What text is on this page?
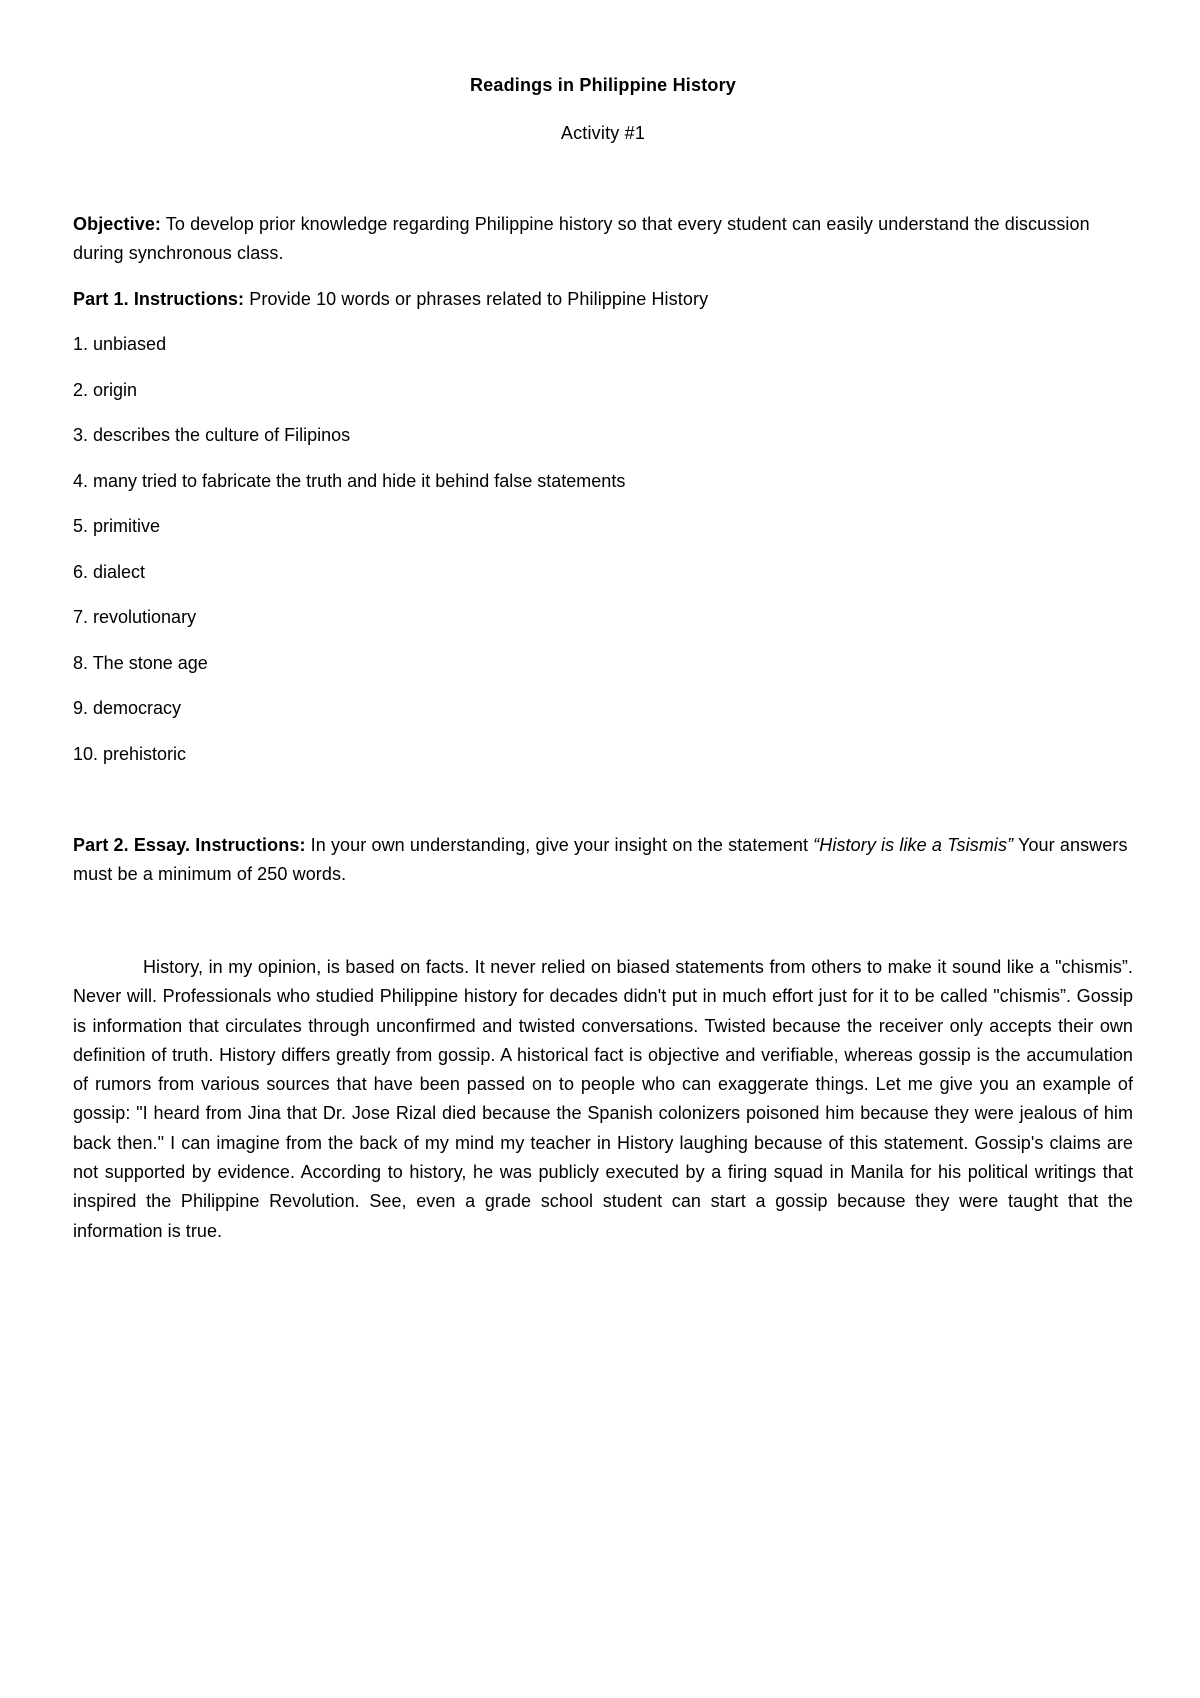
Readings in Philippine History
Activity #1
Objective: To develop prior knowledge regarding Philippine history so that every student can easily understand the discussion during synchronous class.
Part 1. Instructions: Provide 10 words or phrases related to Philippine History
1. unbiased
2. origin
3. describes the culture of Filipinos
4. many tried to fabricate the truth and hide it behind false statements
5. primitive
6. dialect
7. revolutionary
8. The stone age
9. democracy
10. prehistoric
Part 2. Essay. Instructions: In your own understanding, give your insight on the statement “History is like a Tsismis” Your answers must be a minimum of 250 words.
History, in my opinion, is based on facts. It never relied on biased statements from others to make it sound like a "chismis”. Never will. Professionals who studied Philippine history for decades didn't put in much effort just for it to be called "chismis”. Gossip is information that circulates through unconfirmed and twisted conversations. Twisted because the receiver only accepts their own definition of truth. History differs greatly from gossip. A historical fact is objective and verifiable, whereas gossip is the accumulation of rumors from various sources that have been passed on to people who can exaggerate things. Let me give you an example of gossip: "I heard from Jina that Dr. Jose Rizal died because the Spanish colonizers poisoned him because they were jealous of him back then." I can imagine from the back of my mind my teacher in History laughing because of this statement. Gossip's claims are not supported by evidence. According to history, he was publicly executed by a firing squad in Manila for his political writings that inspired the Philippine Revolution. See, even a grade school student can start a gossip because they were taught that the information is true.
